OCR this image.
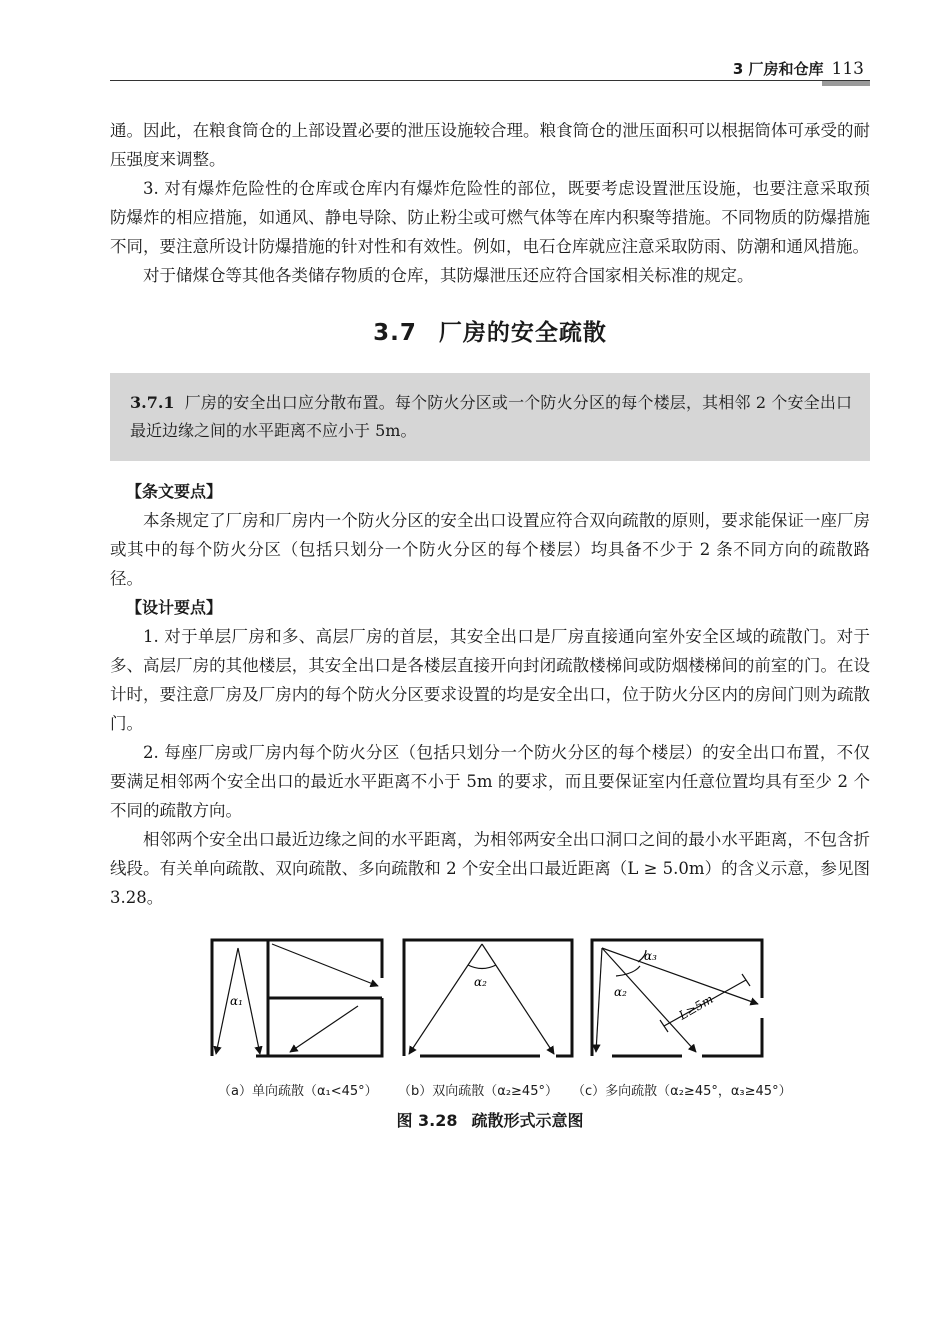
3 厂房和仓库 113

通。因此，在粮食筒仓的上部设置必要的泄压设施较合理。粮食筒仓的泄压面积可以根据筒体可承受的耐压强度来调整。

3. 对有爆炸危险性的仓库或仓库内有爆炸危险性的部位，既要考虑设置泄压设施，也要注意采取预防爆炸的相应措施，如通风、静电导除、防止粉尘或可燃气体等在库内积聚等措施。不同物质的防爆措施不同，要注意所设计防爆措施的针对性和有效性。例如，电石仓库就应注意采取防雨、防潮和通风措施。

对于储煤仓等其他各类储存物质的仓库，其防爆泄压还应符合国家相关标准的规定。

3.7 厂房的安全疏散

3.7.1 厂房的安全出口应分散布置。每个防火分区或一个防火分区的每个楼层，其相邻 2 个安全出口最近边缘之间的水平距离不应小于 5m。

【条文要点】

本条规定了厂房和厂房内一个防火分区的安全出口设置应符合双向疏散的原则，要求能保证一座厂房或其中的每个防火分区（包括只划分一个防火分区的每个楼层）均具备不少于 2 条不同方向的疏散路径。

【设计要点】

1. 对于单层厂房和多、高层厂房的首层，其安全出口是厂房直接通向室外安全区域的疏散门。对于多、高层厂房的其他楼层，其安全出口是各楼层直接开向封闭疏散楼梯间或防烟楼梯间的前室的门。在设计时，要注意厂房及厂房内的每个防火分区要求设置的均是安全出口，位于防火分区内的房间门则为疏散门。

2. 每座厂房或厂房内每个防火分区（包括只划分一个防火分区的每个楼层）的安全出口布置，不仅要满足相邻两个安全出口的最近水平距离不小于 5m 的要求，而且要保证室内任意位置均具有至少 2 个不同的疏散方向。

相邻两个安全出口最近边缘之间的水平距离，为相邻两安全出口洞口之间的最小水平距离，不包含折线段。有关单向疏散、双向疏散、多向疏散和 2 个安全出口最近距离（L ≥ 5.0m）的含义示意，参见图 3.28。

α₁
α₂
α₃
α₂	L≥5m
（a）单向疏散（α₁<45°） （b）双向疏散（α₂≥45°） （c）多向疏散（α₂≥45°，α₃≥45°）
图 3.28 疏散形式示意图
